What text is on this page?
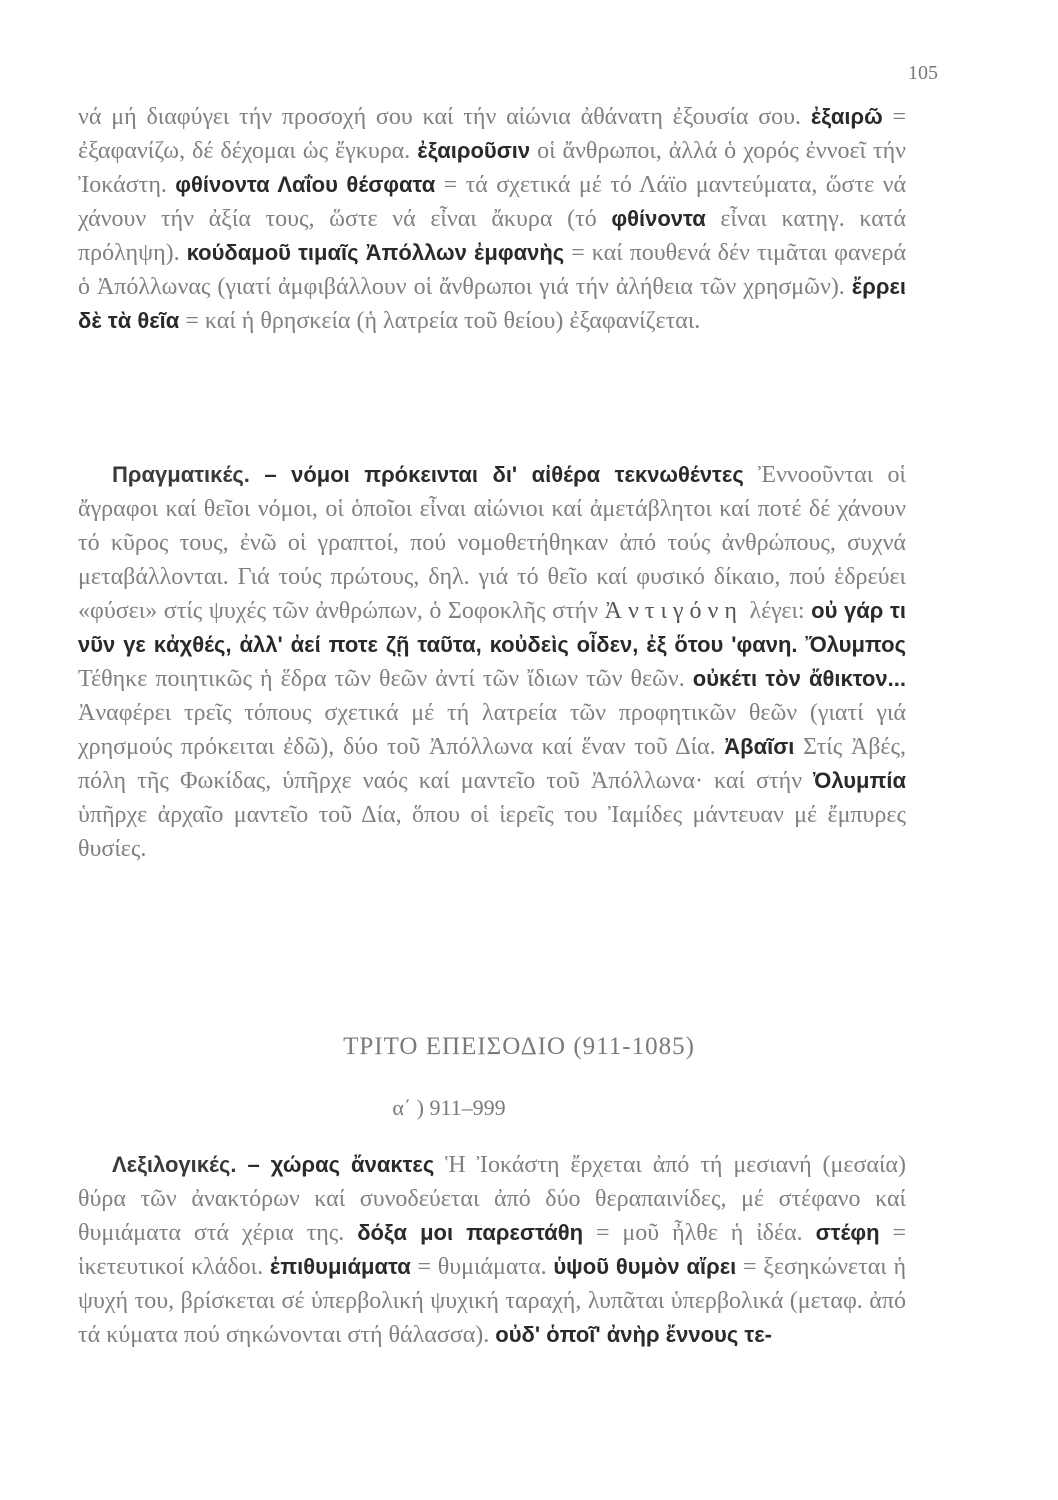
105
νά μή διαφύγει τήν προσοχή σου καί τήν αἰώνια ἀθάνατη ἐξουσία σου. ἐξαιρῶ = ἐξαφανίζω, δέ δέχομαι ὡς ἔγκυρα. ἐξαιροῦσιν οἱ ἄνθρωποι, ἀλλά ὁ χορός ἐννοεῖ τήν Ἰοκάστη. φθίνοντα Λαΐου θέσφατα = τά σχετικά μέ τό Λάϊο μαντεύματα, ὥστε νά χάνουν τήν ἀξία τους, ὥστε νά εἶναι ἄκυρα (τό φθίνοντα εἶναι κατηγ. κατά πρόληψη). κούδαμοῦ τιμαῖς Ἀπόλλων ἐμφανὴς = καί πουθενά δέν τιμᾶται φανερά ὁ Ἀπόλλωνας (γιατί ἀμφιβάλλουν οἱ ἄνθρωποι γιά τήν ἀλήθεια τῶν χρησμῶν). ἔρρει δὲ τὰ θεῖα = καί ἡ θρησκεία (ἡ λατρεία τοῦ θείου) ἐξαφανίζεται.
Πραγματικές. – νόμοι πρόκεινται δι' αἰθέρα τεκνωθέντες Ἐννοοῦνται οἱ ἄγραφοι καί θεῖοι νόμοι, οἱ ὁποῖοι εἶναι αἰώνιοι καί ἀμετάβλητοι καί ποτέ δέ χάνουν τό κῦρος τους, ἐνῶ οἱ γραπτοί, πού νομοθετήθηκαν ἀπό τούς ἀνθρώπους, συχνά μεταβάλλονται. Γιά τούς πρώτους, δηλ. γιά τό θεῖο καί φυσικό δίκαιο, πού ἑδρεύει «φύσει» στίς ψυχές τῶν ἀνθρώπων, ὁ Σοφοκλῆς στήν Ἀντιγόνη λέγει: οὐ γάρ τι νῦν γε κἀχθές, ἀλλ' ἀεί ποτε ζῇ ταῦτα, κοὐδεὶς οἶδεν, ἐξ ὅτου 'φανη. Ὄλυμπος Τέθηκε ποιητικῶς ἡ ἕδρα τῶν θεῶν ἀντί τῶν ἴδιων τῶν θεῶν. οὐκέτι τὸν ἄθικτον... Ἀναφέρει τρεῖς τόπους σχετικά μέ τή λατρεία τῶν προφητικῶν θεῶν (γιατί γιά χρησμούς πρόκειται ἐδῶ), δύο τοῦ Ἀπόλλωνα καί ἕναν τοῦ Δία. Ἀβαῖσι Στίς Ἀβές, πόλη τῆς Φωκίδας, ὑπῆρχε ναός καί μαντεῖο τοῦ Ἀπόλλωνα· καί στήν Ὀλυμπία ὑπῆρχε ἀρχαῖο μαντεῖο τοῦ Δία, ὅπου οἱ ἱερεῖς του Ἰαμίδες μάντευαν μέ ἔμπυρες θυσίες.
ΤΡΙΤΟ ΕΠΕΙΣΟΔΙΟ (911-1085)
α΄ ) 911–999
Λεξιλογικές. – χώρας ἄνακτες Ἡ Ἰοκάστη ἔρχεται ἀπό τή μεσιανή (μεσαία) θύρα τῶν ἀνακτόρων καί συνοδεύεται ἀπό δύο θεραπαινίδες, μέ στέφανο καί θυμιάματα στά χέρια της. δόξα μοι παρεστάθη = μοῦ ἦλθε ἡ ἰδέα. στέφη = ἱκετευτικοί κλάδοι. ἐπιθυμιάματα = θυμιάματα. ὑψοῦ θυμὸν αἴρει = ξεσηκώνεται ἡ ψυχή του, βρίσκεται σέ ὑπερβολική ψυχική ταραχή, λυπᾶται ὑπερβολικά (μεταφ. ἀπό τά κύματα πού σηκώνονται στή θάλασσα). οὐδ' ὁποῖ' ἀνὴρ ἔννους τε-
